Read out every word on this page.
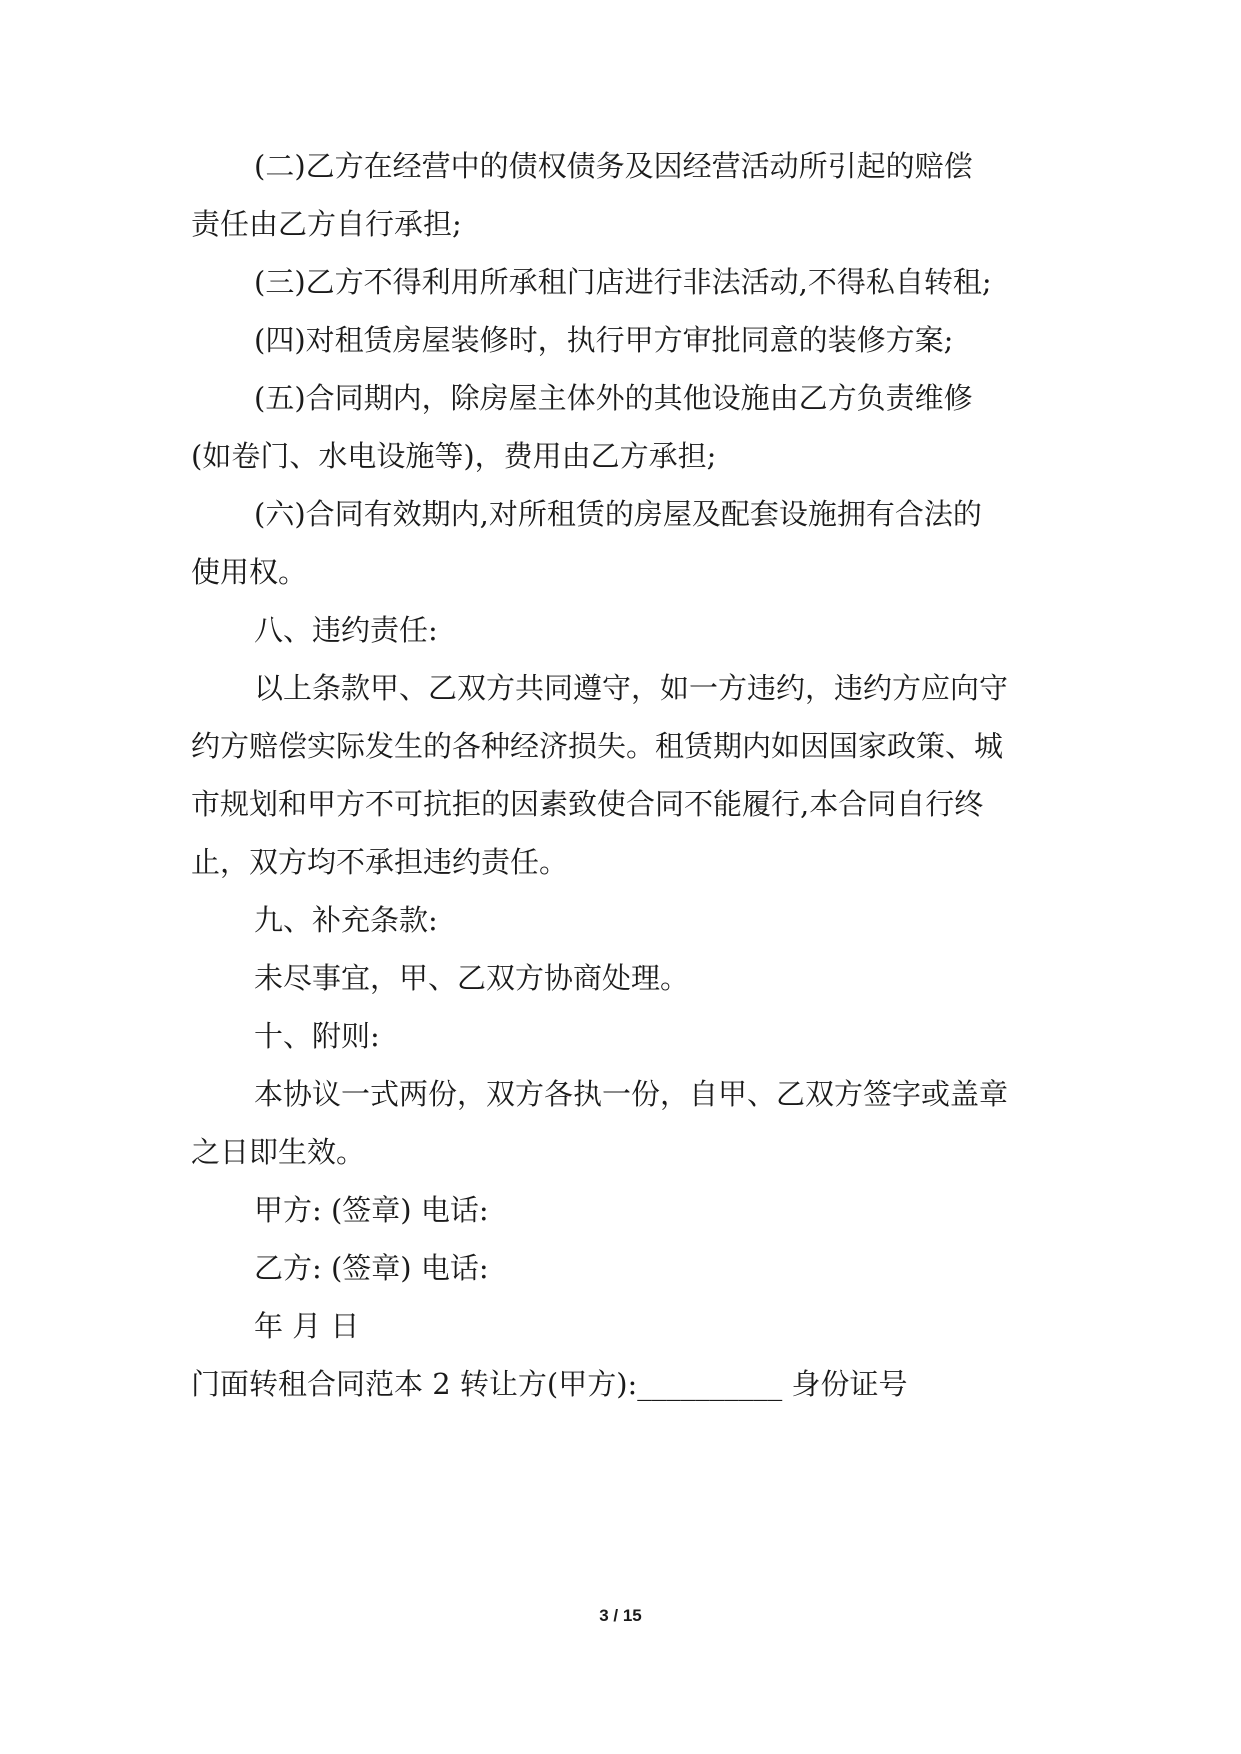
(二)乙方在经营中的债权债务及因经营活动所引起的赔偿
责任由乙方自行承担;
(三)乙方不得利用所承租门店进行非法活动,不得私自转租;
(四)对租赁房屋装修时，执行甲方审批同意的装修方案;
(五)合同期内，除房屋主体外的其他设施由乙方负责维修
(如卷门、水电设施等)，费用由乙方承担;
(六)合同有效期内,对所租赁的房屋及配套设施拥有合法的
使用权。
八、违约责任:
以上条款甲、乙双方共同遵守，如一方违约，违约方应向守
约方赔偿实际发生的各种经济损失。租赁期内如因国家政策、城
市规划和甲方不可抗拒的因素致使合同不能履行,本合同自行终
止，双方均不承担违约责任。
九、补充条款:
未尽事宜，甲、乙双方协商处理。
十、附则:
本协议一式两份，双方各执一份，自甲、乙双方签字或盖章
之日即生效。
甲方: (签章) 电话:
乙方: (签章) 电话:
年 月 日
门面转租合同范本 2 转让方(甲方):__________ 身份证号
3 / 15
